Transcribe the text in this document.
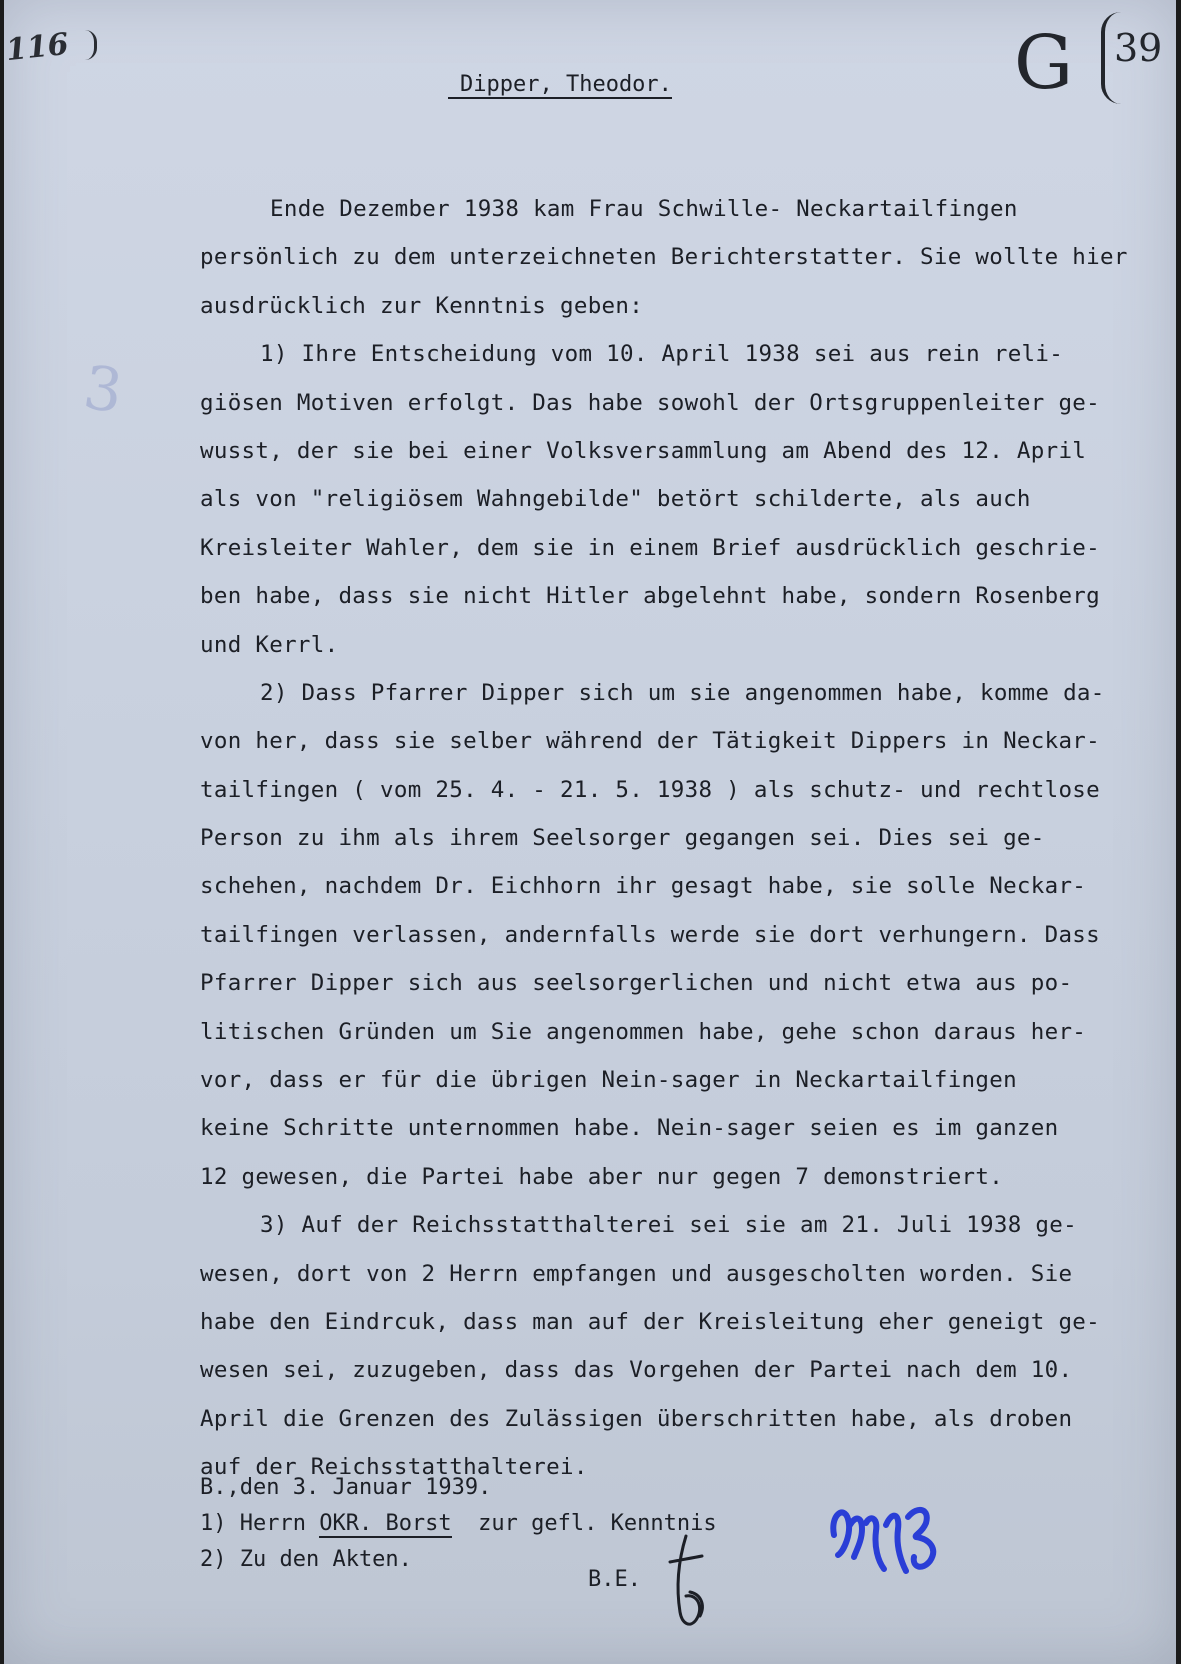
116	G 39
3
Dipper, Theodor.
Ende Dezember 1938 kam Frau Schwille- Neckartailfingen
persönlich zu dem unterzeichneten Berichterstatter. Sie wollte hier
ausdrücklich zur Kenntnis geben:
1) Ihre Entscheidung vom 10. April 1938 sei aus rein reli-
giösen Motiven erfolgt. Das habe sowohl der Ortsgruppenleiter ge-
wusst, der sie bei einer Volksversammlung am Abend des 12. April
als von "religiösem Wahngebilde" betört schilderte, als auch
Kreisleiter Wahler, dem sie in einem Brief ausdrücklich geschrie-
ben habe, dass sie nicht Hitler abgelehnt habe, sondern Rosenberg
und Kerrl.
2) Dass Pfarrer Dipper sich um sie angenommen habe, komme da-
von her, dass sie selber während der Tätigkeit Dippers in Neckar-
tailfingen ( vom 25. 4. - 21. 5. 1938 ) als schutz- und rechtlose
Person zu ihm als ihrem Seelsorger gegangen sei. Dies sei ge-
schehen, nachdem Dr. Eichhorn ihr gesagt habe, sie solle Neckar-
tailfingen verlassen, andernfalls werde sie dort verhungern. Dass
Pfarrer Dipper sich aus seelsorgerlichen und nicht etwa aus po-
litischen Gründen um Sie angenommen habe, gehe schon daraus her-
vor, dass er für die übrigen Nein-sager in Neckartailfingen
keine Schritte unternommen habe. Nein-sager seien es im ganzen
12 gewesen, die Partei habe aber nur gegen 7 demonstriert.
3) Auf der Reichsstatthalterei sei sie am 21. Juli 1938 ge-
wesen, dort von 2 Herrn empfangen und ausgescholten worden. Sie
habe den Eindrcuk, dass man auf der Kreisleitung eher geneigt ge-
wesen sei, zuzugeben, dass das Vorgehen der Partei nach dem 10.
April die Grenzen des Zulässigen überschritten habe, als droben
auf der Reichsstatthalterei.
B.,den 3. Januar 1939.
1) Herrn OKR. Borst  zur gefl. Kenntnis
2) Zu den Akten.
B.E.
